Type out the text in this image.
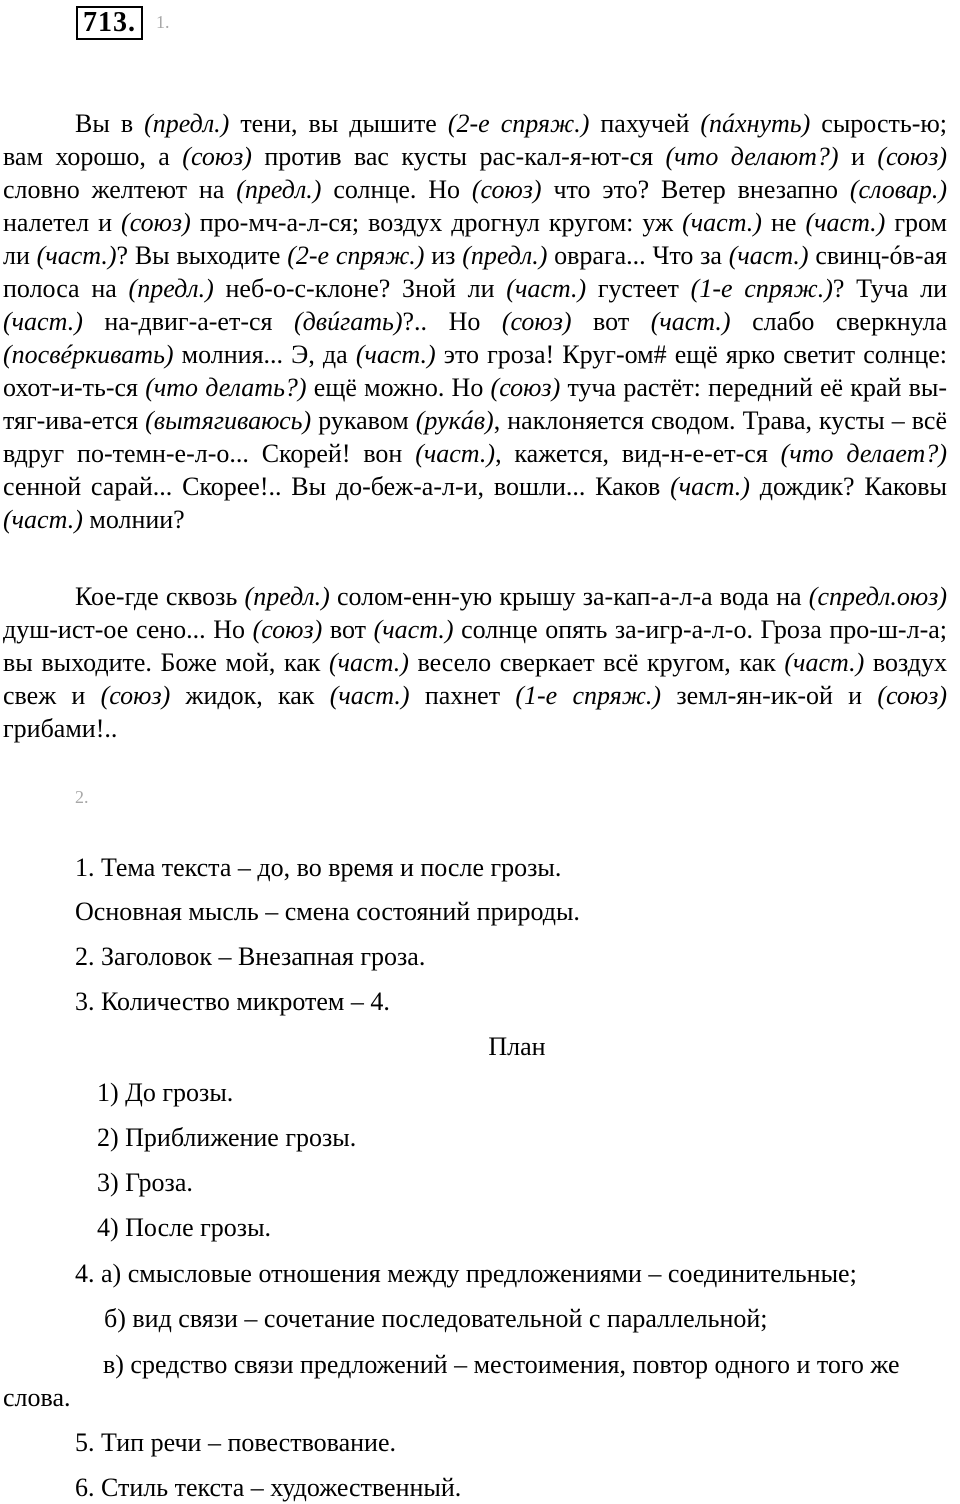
713.	1.

Вы в (предл.) тени, вы дышите (2-е спряж.) пахучей (пáхнуть) сырость-ю; вам хорошо, а (союз) против вас кусты рас-кал-я-ют-ся (что делают?) и (союз) словно желтеют на (предл.) солнце. Но (союз) что это? Ветер внезапно (словар.) налетел и (союз) про-мч-а-л-ся; воздух дрогнул кругом: уж (част.) не (част.) гром ли (част.)? Вы выходите (2-е спряж.) из (предл.) оврага... Что за (част.) свинц-óв-ая полоса на (предл.) неб-о-с-клоне? Зной ли (част.) густеет (1-е спряж.)? Туча ли (част.) на-двиг-а-ет-ся (двúгать)?.. Но (союз) вот (част.) слабо сверкнула (посвéркивать) молния... Э, да (част.) это гроза! Круг-ом# ещё ярко светит солнце: охот-и-ть-ся (что делать?) ещё можно. Но (союз) туча растёт: передний её край вы-тяг-ива-ется (вытягиваюсь) рукавом (рукáв), наклоняется сводом. Трава, кусты – всё вдруг по-темн-е-л-о... Скорей! вон (част.), кажется, вид-н-е-ет-ся (что делает?) сенной сарай... Скорее!.. Вы до-беж-а-л-и, вошли... Каков (част.) дождик? Каковы (част.) молнии?

Кое-где сквозь (предл.) солом-енн-ую крышу за-кап-а-л-а вода на (спредл.оюз) душ-ист-ое сено... Но (союз) вот (част.) солнце опять за-игр-а-л-о. Гроза про-ш-л-а; вы выходите. Боже мой, как (част.) весело сверкает всё кругом, как (част.) воздух свеж и (союз) жидок, как (част.) пахнет (1-е спряж.) земл-ян-ик-ой и (союз) грибами!..

2.

1. Тема текста – до, во время и после грозы.

Основная мысль – смена состояний природы.

2. Заголовок – Внезапная гроза.

3. Количество микротем – 4.

План

1) До грозы.

2) Приближение грозы.

3) Гроза.

4) После грозы.

4. а) смысловые отношения между предложениями – соединительные;

б) вид связи – сочетание последовательной с параллельной;

в) средство связи предложений – местоимения, повтор одного и того же слова.

5. Тип речи – повествование.

6. Стиль текста – художественный.
